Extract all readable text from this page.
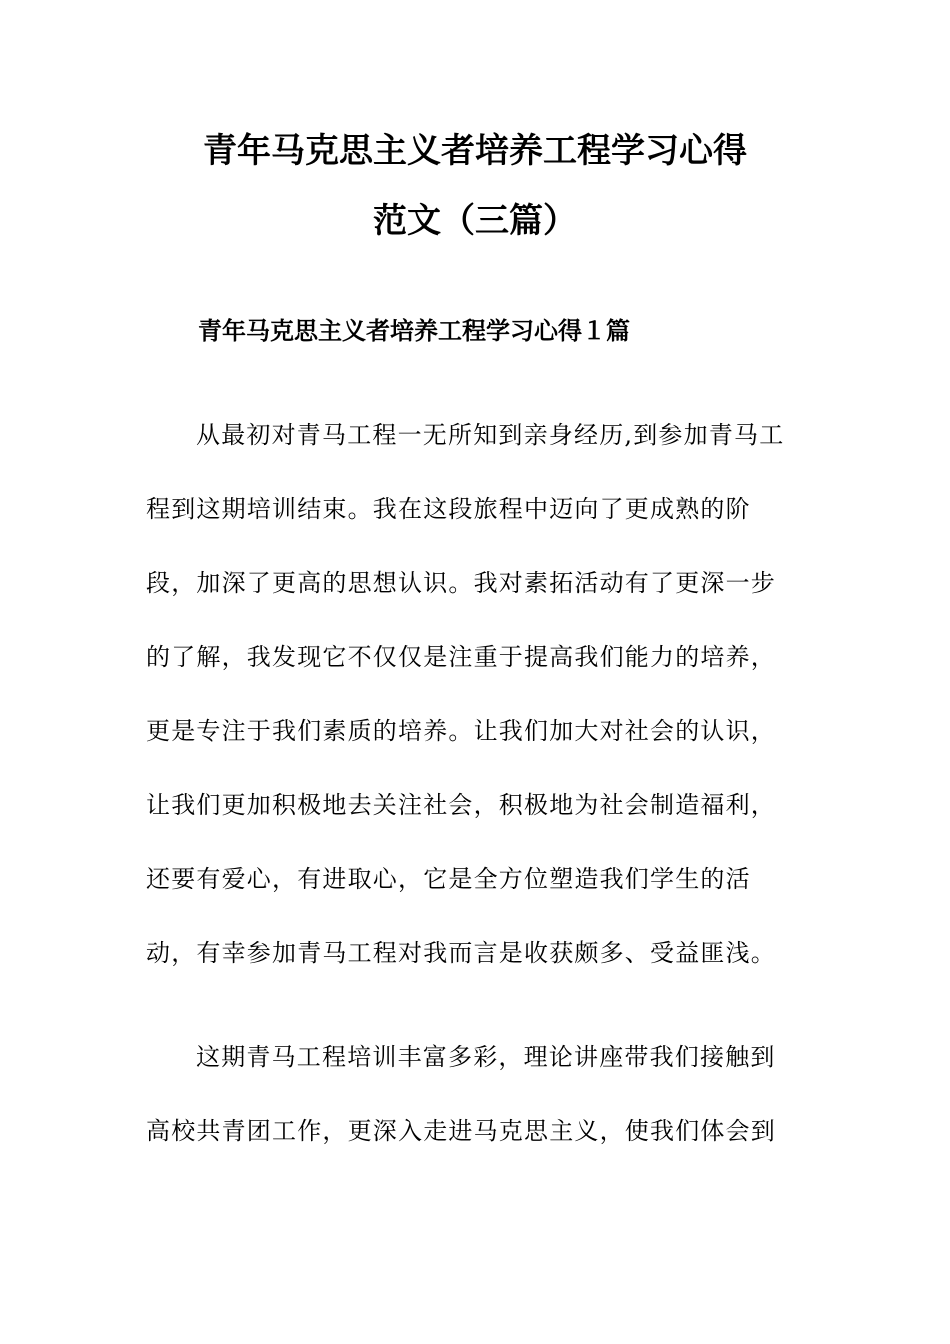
青年马克思主义者培养工程学习心得
范文（三篇）
青年马克思主义者培养工程学习心得１篇
从最初对青马工程一无所知到亲身经历,到参加青马工
程到这期培训结束。我在这段旅程中迈向了更成熟的阶
段，加深了更高的思想认识。我对素拓活动有了更深一步
的了解，我发现它不仅仅是注重于提高我们能力的培养，
更是专注于我们素质的培养。让我们加大对社会的认识，
让我们更加积极地去关注社会，积极地为社会制造福利，
还要有爱心，有进取心，它是全方位塑造我们学生的活
动，有幸参加青马工程对我而言是收获颇多、受益匪浅。
这期青马工程培训丰富多彩，理论讲座带我们接触到
高校共青团工作，更深入走进马克思主义，使我们体会到
